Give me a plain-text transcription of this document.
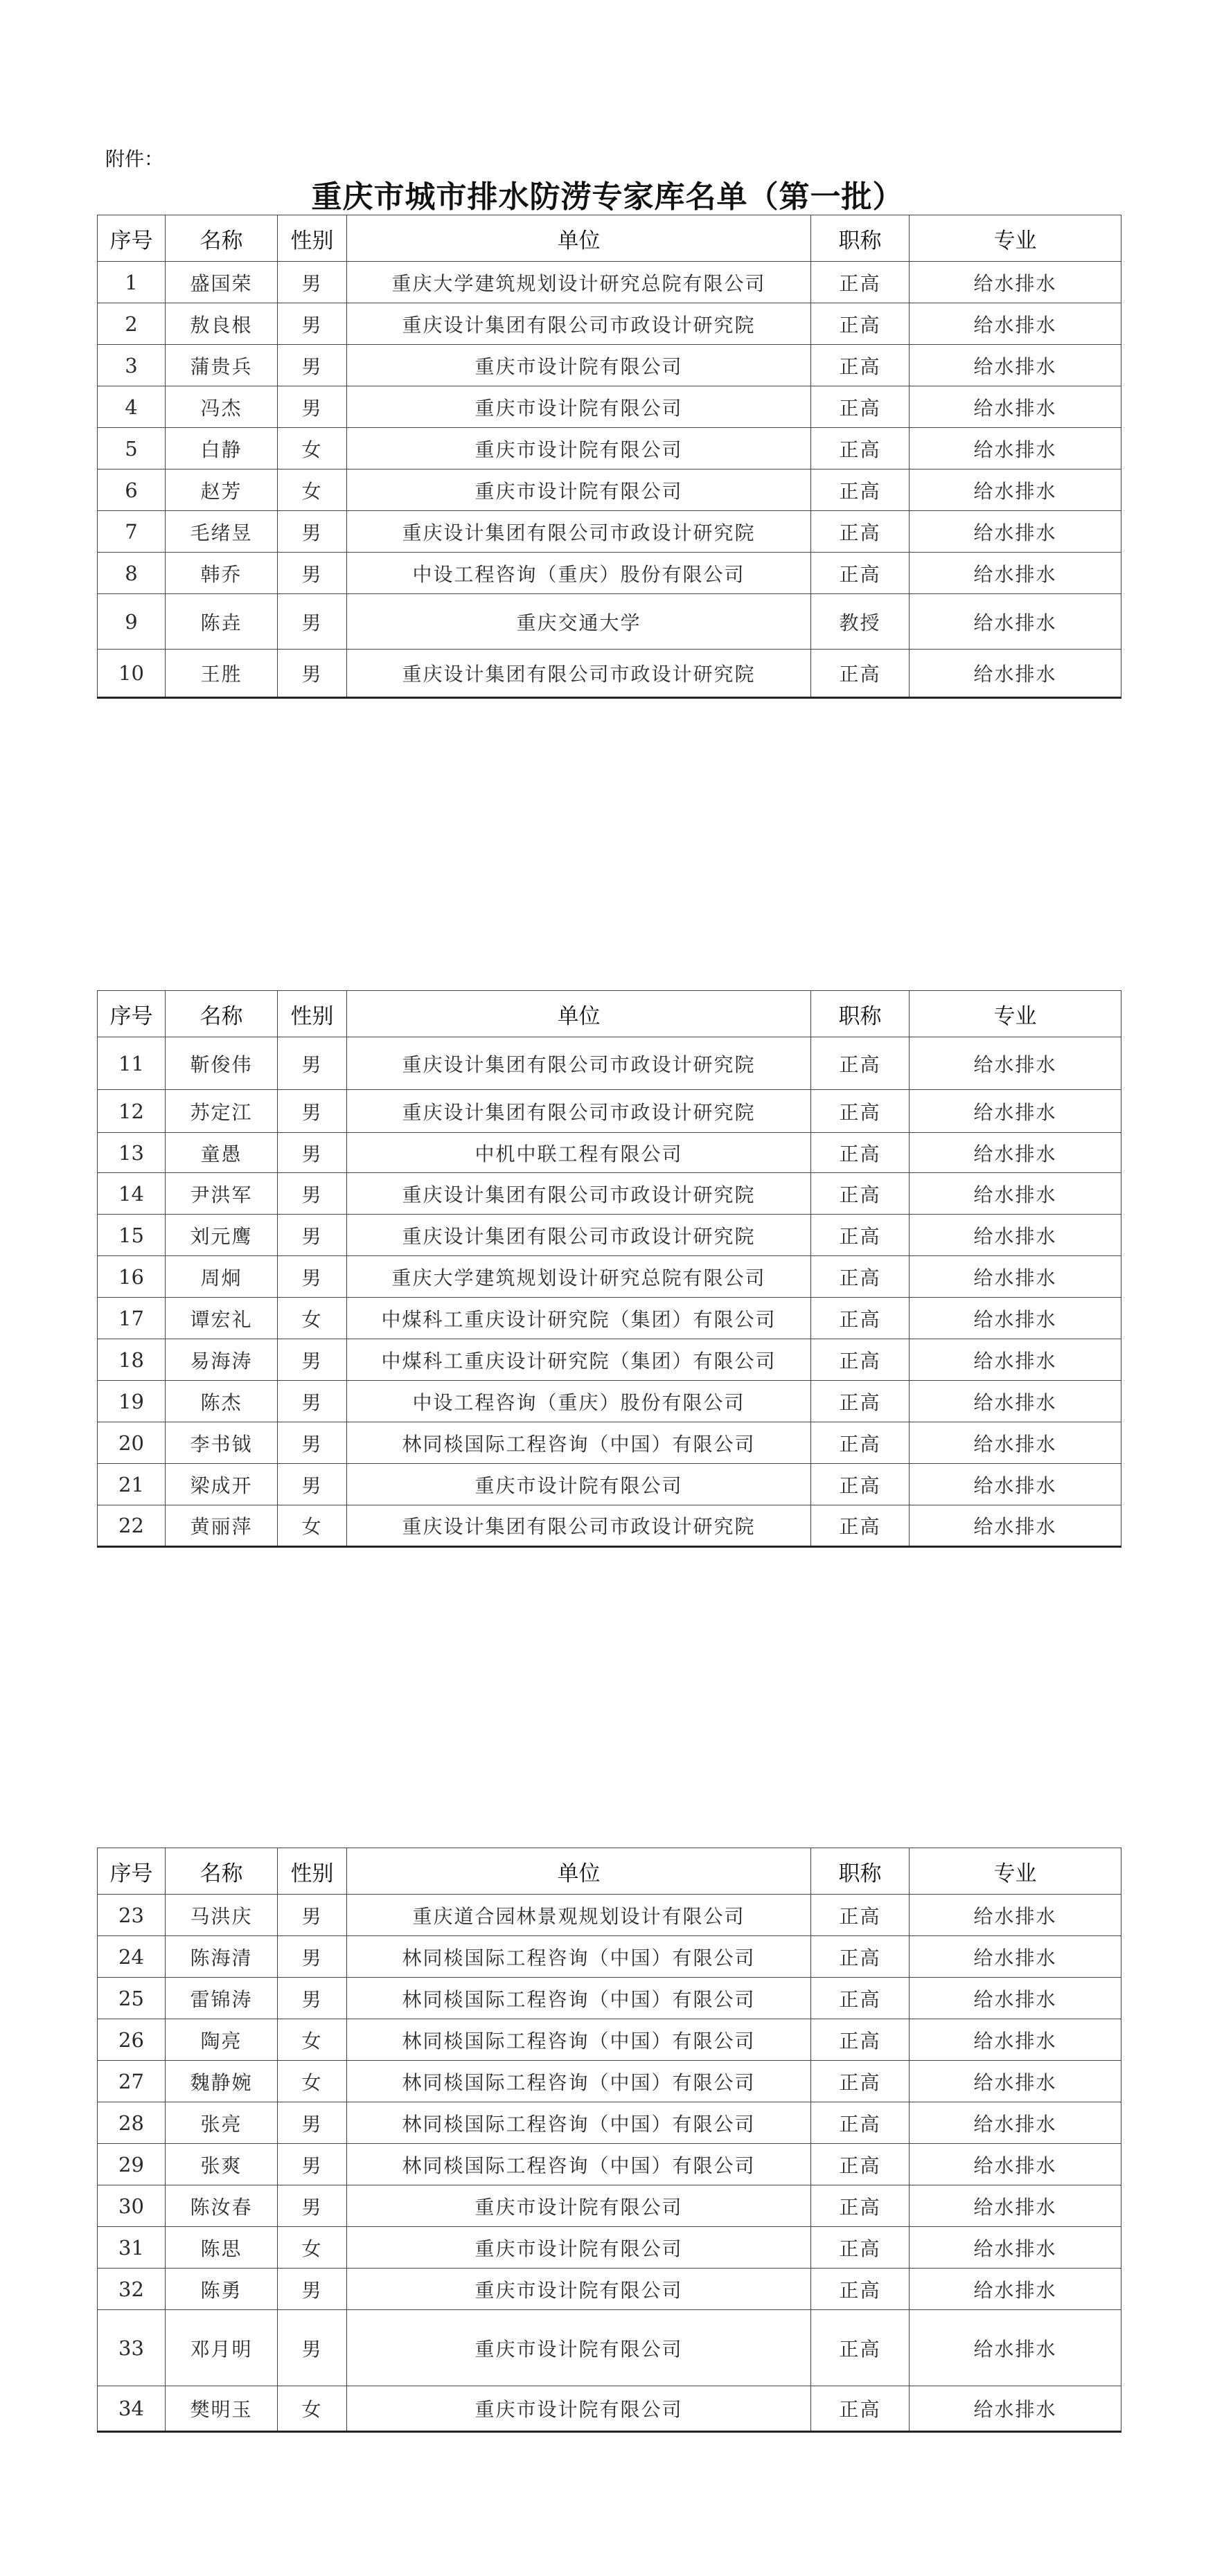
附件：
重庆市城市排水防涝专家库名单（第一批）
序号	名称	性别	单位	职称	专业
1	盛国荣	男	重庆大学建筑规划设计研究总院有限公司	正高	给水排水
2	敖良根	男	重庆设计集团有限公司市政设计研究院	正高	给水排水
3	蒲贵兵	男	重庆市设计院有限公司	正高	给水排水
4	冯杰	男	重庆市设计院有限公司	正高	给水排水
5	白静	女	重庆市设计院有限公司	正高	给水排水
6	赵芳	女	重庆市设计院有限公司	正高	给水排水
7	毛绪昱	男	重庆设计集团有限公司市政设计研究院	正高	给水排水
8	韩乔	男	中设工程咨询（重庆）股份有限公司	正高	给水排水
9	陈垚	男	重庆交通大学	教授	给水排水
10	王胜	男	重庆设计集团有限公司市政设计研究院	正高	给水排水
序号	名称	性别	单位	职称	专业
11	靳俊伟	男	重庆设计集团有限公司市政设计研究院	正高	给水排水
12	苏定江	男	重庆设计集团有限公司市政设计研究院	正高	给水排水
13	童愚	男	中机中联工程有限公司	正高	给水排水
14	尹洪军	男	重庆设计集团有限公司市政设计研究院	正高	给水排水
15	刘元鹰	男	重庆设计集团有限公司市政设计研究院	正高	给水排水
16	周炯	男	重庆大学建筑规划设计研究总院有限公司	正高	给水排水
17	谭宏礼	女	中煤科工重庆设计研究院（集团）有限公司	正高	给水排水
18	易海涛	男	中煤科工重庆设计研究院（集团）有限公司	正高	给水排水
19	陈杰	男	中设工程咨询（重庆）股份有限公司	正高	给水排水
20	李书钺	男	林同棪国际工程咨询（中国）有限公司	正高	给水排水
21	梁成开	男	重庆市设计院有限公司	正高	给水排水
22	黄丽萍	女	重庆设计集团有限公司市政设计研究院	正高	给水排水
序号	名称	性别	单位	职称	专业
23	马洪庆	男	重庆道合园林景观规划设计有限公司	正高	给水排水
24	陈海清	男	林同棪国际工程咨询（中国）有限公司	正高	给水排水
25	雷锦涛	男	林同棪国际工程咨询（中国）有限公司	正高	给水排水
26	陶亮	女	林同棪国际工程咨询（中国）有限公司	正高	给水排水
27	魏静婉	女	林同棪国际工程咨询（中国）有限公司	正高	给水排水
28	张亮	男	林同棪国际工程咨询（中国）有限公司	正高	给水排水
29	张爽	男	林同棪国际工程咨询（中国）有限公司	正高	给水排水
30	陈汝春	男	重庆市设计院有限公司	正高	给水排水
31	陈思	女	重庆市设计院有限公司	正高	给水排水
32	陈勇	男	重庆市设计院有限公司	正高	给水排水
33	邓月明	男	重庆市设计院有限公司	正高	给水排水
34	樊明玉	女	重庆市设计院有限公司	正高	给水排水
